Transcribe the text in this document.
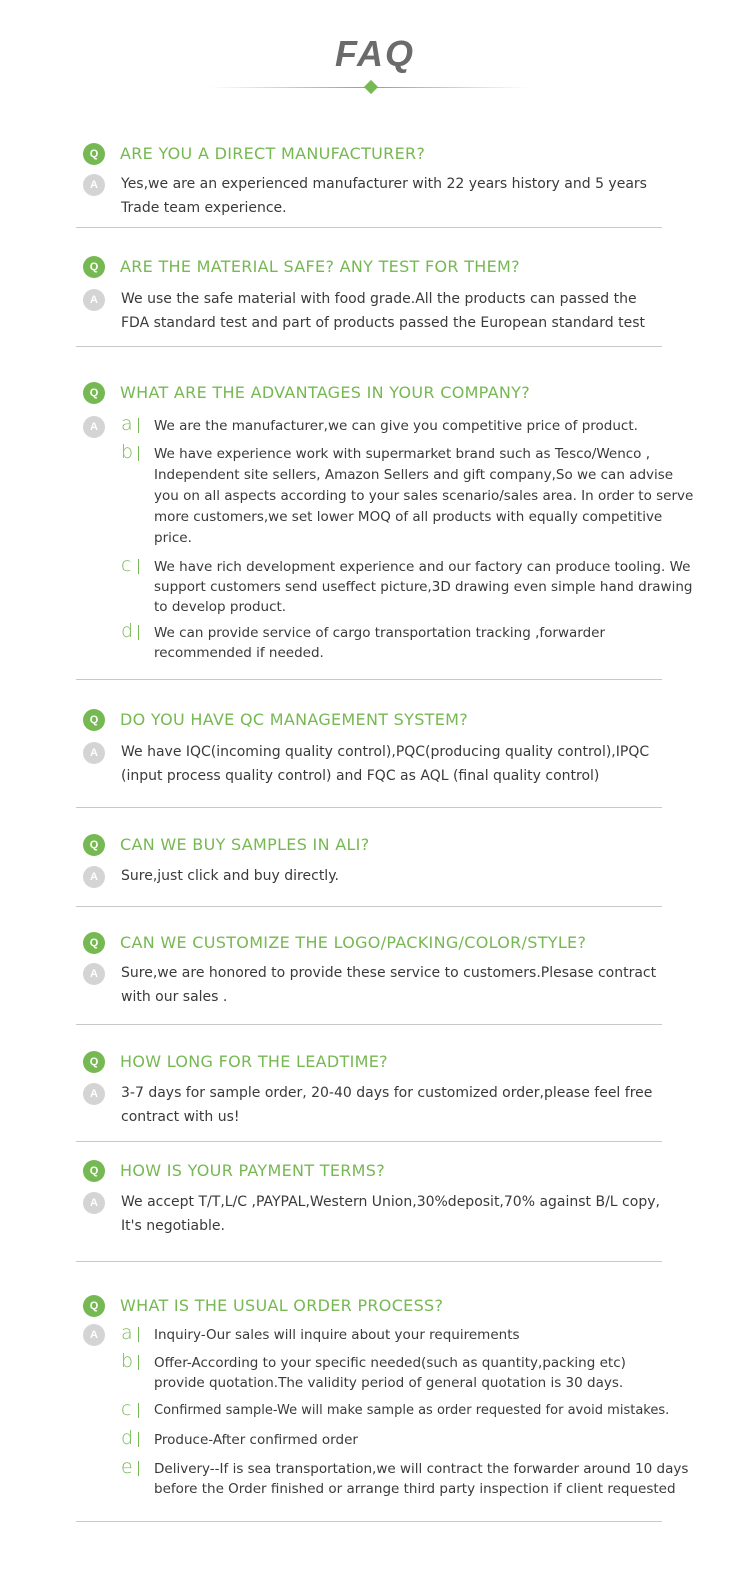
FAQ
Q	ARE YOU A DIRECT MANUFACTURER?
A	Yes,we are an experienced manufacturer with 22 years history and 5 years Trade team experience.
Q	ARE THE MATERIAL SAFE? ANY TEST FOR THEM?
A	We use the safe material with food grade.All the products can passed the FDA standard test and part of products passed the European standard test
Q	WHAT ARE THE ADVANTAGES IN YOUR COMPANY?
A	a We are the manufacturer,we can give you competitive price of product.
b We have experience work with supermarket brand such as Tesco/Wenco , Independent site sellers, Amazon Sellers and gift company,So we can advise you on all aspects according to your sales scenario/sales area. In order to serve more customers,we set lower MOQ of all products with equally competitive price.
c We have rich development experience and our factory can produce tooling. We support customers send useffect picture,3D drawing even simple hand drawing to develop product.
d We can provide service of cargo transportation tracking ,forwarder recommended if needed.
Q	DO YOU HAVE QC MANAGEMENT SYSTEM?
A	We have IQC(incoming quality control),PQC(producing quality control),IPQC
(input process quality control) and FQC as AQL (final quality control)
Q	CAN WE BUY SAMPLES IN ALI?
A	Sure,just click and buy directly.
Q	CAN WE CUSTOMIZE THE LOGO/PACKING/COLOR/STYLE?
A	Sure,we are honored to provide these service to customers.Plesase contract with our sales .
Q	HOW LONG FOR THE LEADTIME?
A	3-7 days for sample order, 20-40 days for customized order,please feel free contract with us!
Q	HOW IS YOUR PAYMENT TERMS?
A	We accept T/T,L/C ,PAYPAL,Western Union,30%deposit,70% against B/L copy, It's negotiable.
Q	WHAT IS THE USUAL ORDER PROCESS?
A	a Inquiry-Our sales will inquire about your requirements
b Offer-According to your specific needed(such as quantity,packing etc) provide quotation.The validity period of general quotation is 30 days.
c Confirmed sample-We will make sample as order requested for avoid mistakes.
d Produce-After confirmed order
e Delivery--If is sea transportation,we will contract the forwarder around 10 days before the Order finished or arrange third party inspection if client requested
